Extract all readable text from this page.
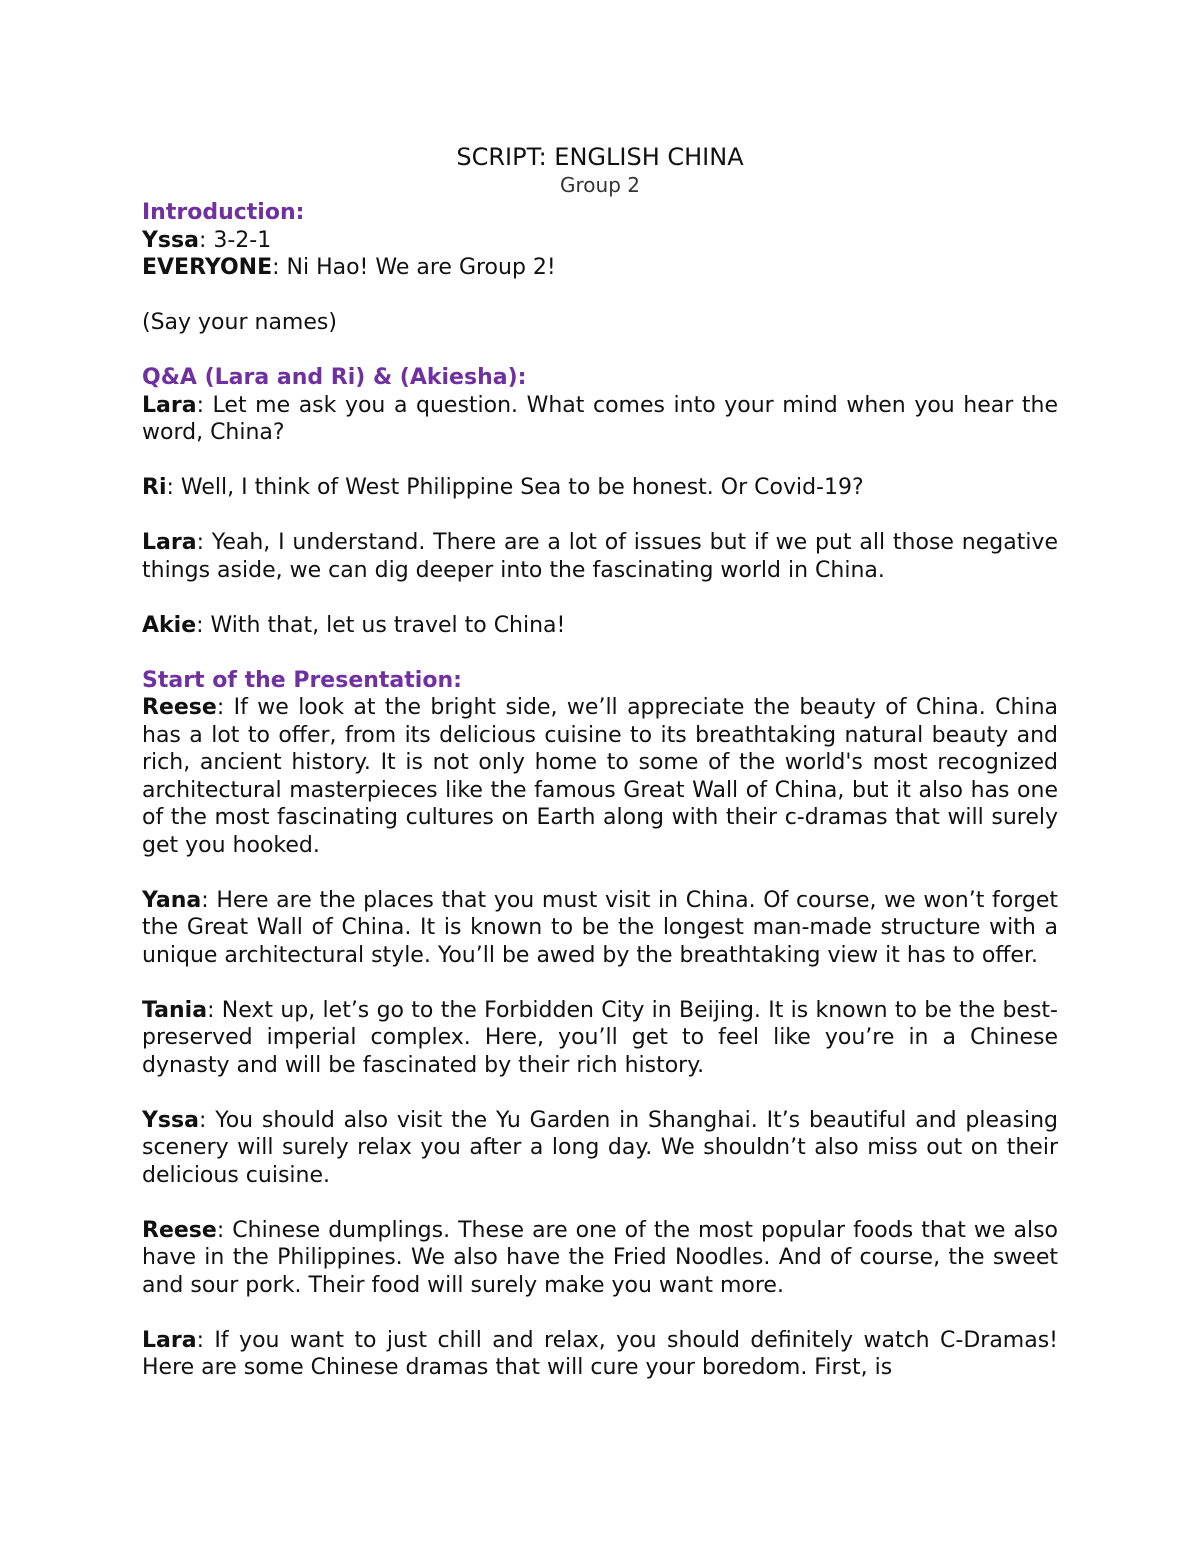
SCRIPT: ENGLISH CHINA

Group 2

Introduction:

Yssa: 3-2-1

EVERYONE: Ni Hao! We are Group 2!

(Say your names)

Q&A (Lara and Ri) & (Akiesha):

Lara: Let me ask you a question. What comes into your mind when you hear the word, China?

Ri: Well, I think of West Philippine Sea to be honest. Or Covid-19?

Lara: Yeah, I understand. There are a lot of issues but if we put all those negative things aside, we can dig deeper into the fascinating world in China.

Akie: With that, let us travel to China!

Start of the Presentation:

Reese: If we look at the bright side, we’ll appreciate the beauty of China. China has a lot to offer, from its delicious cuisine to its breathtaking natural beauty and rich, ancient history. It is not only home to some of the world's most recognized architectural masterpieces like the famous Great Wall of China, but it also has one of the most fascinating cultures on Earth along with their c-dramas that will surely get you hooked.

Yana: Here are the places that you must visit in China. Of course, we won’t forget the Great Wall of China. It is known to be the longest man-made structure with a unique architectural style. You’ll be awed by the breathtaking view it has to offer.

Tania: Next up, let’s go to the Forbidden City in Beijing. It is known to be the best-preserved imperial complex. Here, you’ll get to feel like you’re in a Chinese dynasty and will be fascinated by their rich history.

Yssa: You should also visit the Yu Garden in Shanghai. It’s beautiful and pleasing scenery will surely relax you after a long day. We shouldn’t also miss out on their delicious cuisine.

Reese: Chinese dumplings. These are one of the most popular foods that we also have in the Philippines. We also have the Fried Noodles. And of course, the sweet and sour pork. Their food will surely make you want more.

Lara: If you want to just chill and relax, you should definitely watch C-Dramas! Here are some Chinese dramas that will cure your boredom. First, is
